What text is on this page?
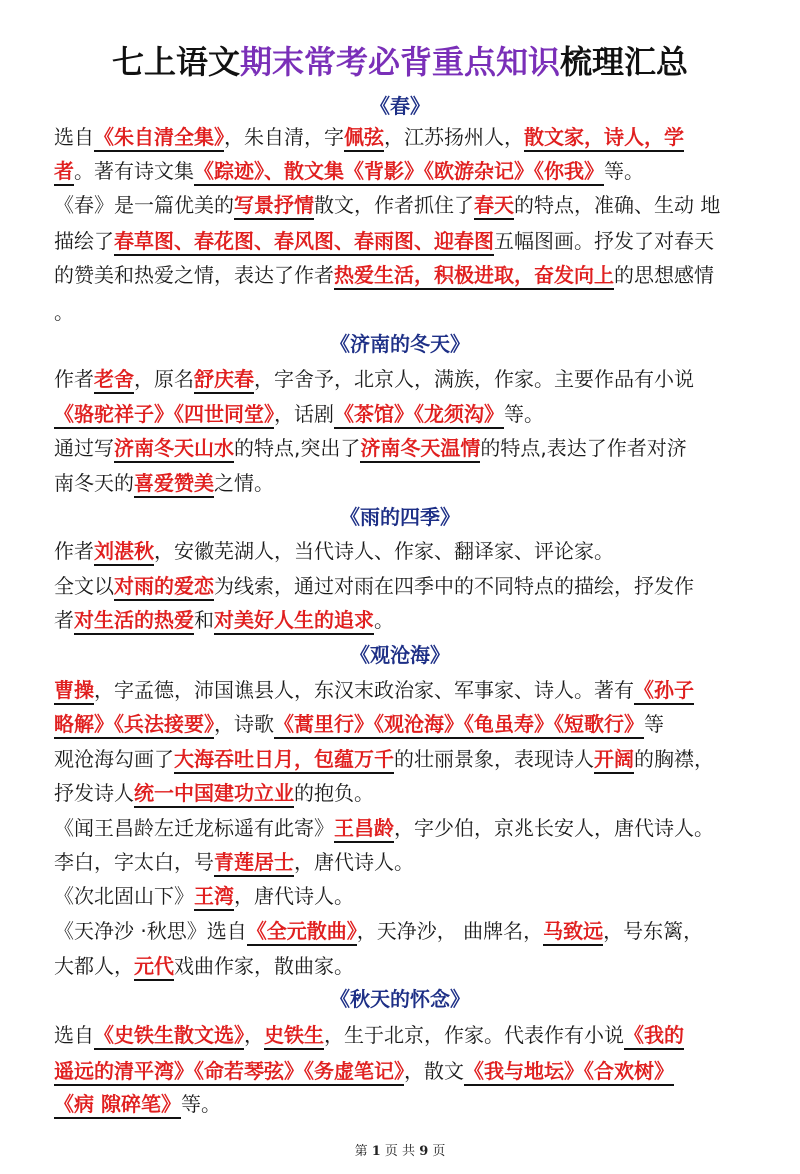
七上语文期末常考必背重点知识梳理汇总
《春》
选自《朱自清全集》，朱自清，字佩弦，江苏扬州人，散文家，诗人，学
者。著有诗文集《踪迹》、散文集《背影》《欧游杂记》《你我》等。
《春》是一篇优美的写景抒情散文，作者抓住了春天的特点，准确、生动 地
描绘了春草图、春花图、春风图、春雨图、迎春图五幅图画。抒发了对春天
的赞美和热爱之情，表达了作者热爱生活，积极进取，奋发向上的思想感情
。
《济南的冬天》
作者老舍，原名舒庆春，字舍予，北京人，满族，作家。主要作品有小说
《骆驼祥子》《四世同堂》，话剧《茶馆》《龙须沟》等。
通过写济南冬天山水的特点,突出了济南冬天温情的特点,表达了作者对济
南冬天的喜爱赞美之情。
《雨的四季》
作者刘湛秋，安徽芜湖人，当代诗人、作家、翻译家、评论家。
全文以对雨的爱恋为线索，通过对雨在四季中的不同特点的描绘，抒发作
者对生活的热爱和对美好人生的追求。
《观沧海》
曹操，字孟德，沛国谯县人，东汉末政治家、军事家、诗人。著有《孙子
略解》《兵法接要》，诗歌《蒿里行》《观沧海》《龟虽寿》《短歌行》等
观沧海勾画了大海吞吐日月，包蕴万千的壮丽景象，表现诗人开阔的胸襟，
抒发诗人统一中国建功立业的抱负。
《闻王昌龄左迁龙标遥有此寄》王昌龄，字少伯，京兆长安人，唐代诗人。
李白，字太白，号青莲居士，唐代诗人。
《次北固山下》王湾，唐代诗人。
《天净沙 ·秋思》选自《全元散曲》，天净沙， 曲牌名，马致远，号东篱，
大都人，元代戏曲作家，散曲家。
《秋天的怀念》
选自《史铁生散文选》，史铁生，生于北京，作家。代表作有小说《我的
遥远的清平湾》《命若琴弦》《务虚笔记》，散文《我与地坛》《合欢树》
《病 隙碎笔》等。
第 1 页 共 9 页
